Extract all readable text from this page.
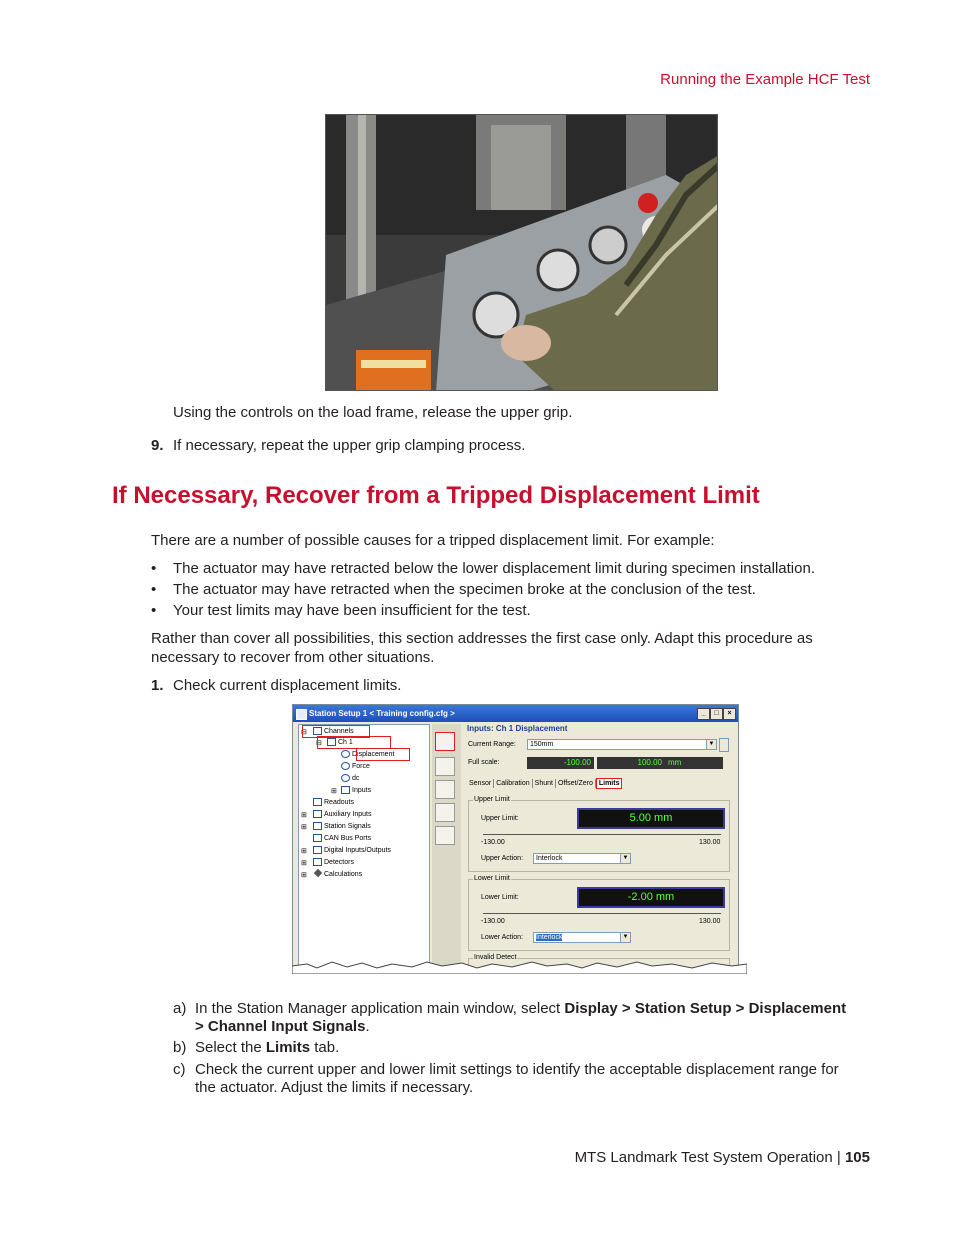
Running the Example HCF Test
Using the controls on the load frame, release the upper grip.
9. If necessary, repeat the upper grip clamping process.
If Necessary, Recover from a Tripped Displacement Limit
There are a number of possible causes for a tripped displacement limit. For example:
• The actuator may have retracted below the lower displacement limit during specimen installation.
• The actuator may have retracted when the specimen broke at the conclusion of the test.
• Your test limits may have been insufficient for the test.
Rather than cover all possibilities, this section addresses the first case only. Adapt this procedure as
necessary to recover from other situations.
1. Check current displacement limits.
Station Setup 1 < Training config.cfg >	_	□	×
⊟	Channels
⊟	Ch 1
Displacement
Force
dc
⊞	Inputs
Readouts
⊞	Auxiliary Inputs
⊞	Station Signals
CAN Bus Ports
⊞	Digital Inputs/Outputs
⊞	Detectors
⊞	Calculations
Inputs: Ch 1 Displacement
Current Range:	150mm	▼
Full scale:	-100.00	100.00 mm
Sensor Calibration Shunt Offset/Zero Limits
Upper Limit
Upper Limit:	5.00 mm
-130.00	130.00
Upper Action:	Interlock	▼
Lower Limit
Lower Limit:	-2.00 mm
-130.00	130.00
Lower Action:	Interlock	▼
Invalid Detect
a) In the Station Manager application main window, select Display > Station Setup > Displacement
> Channel Input Signals.
b) Select the Limits tab.
c) Check the current upper and lower limit settings to identify the acceptable displacement range for
the actuator. Adjust the limits if necessary.
MTS Landmark Test System Operation | 105
